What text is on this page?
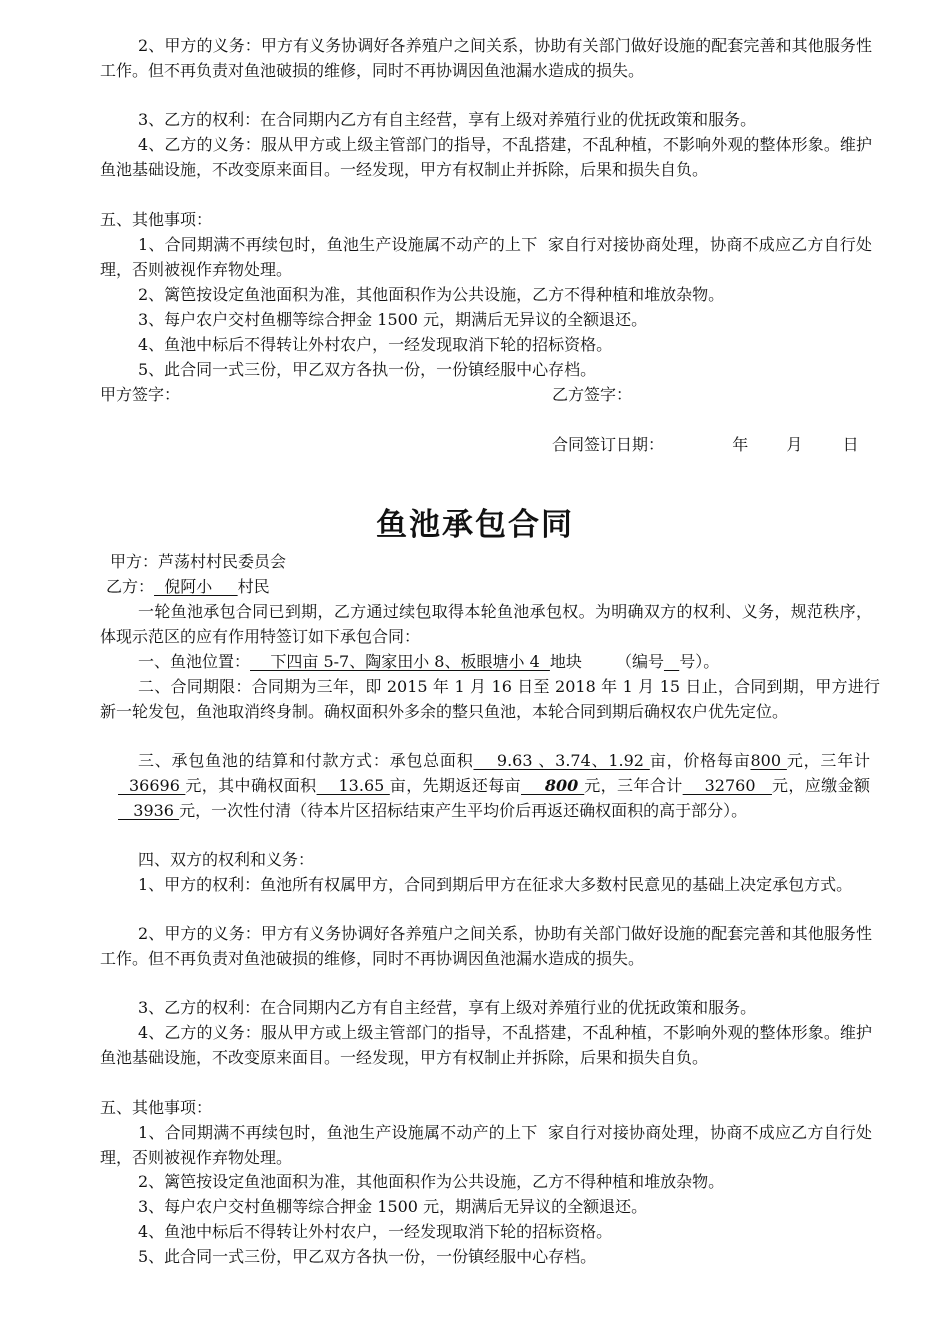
2、甲方的义务：甲方有义务协调好各养殖户之间关系，协助有关部门做好设施的配套完善和其他服务性工作。但不再负责对鱼池破损的维修，同时不再协调因鱼池漏水造成的损失。

3、乙方的权利：在合同期内乙方有自主经营，享有上级对养殖行业的优抚政策和服务。

4、乙方的义务：服从甲方或上级主管部门的指导，不乱搭建，不乱种植，不影响外观的整体形象。维护鱼池基础设施，不改变原来面目。一经发现，甲方有权制止并拆除，后果和损失自负。

五、其他事项：

1、合同期满不再续包时，鱼池生产设施属不动产的上下  家自行对接协商处理，协商不成应乙方自行处理，否则被视作弃物处理。

2、篱笆按设定鱼池面积为准，其他面积作为公共设施，乙方不得种植和堆放杂物。

3、每户农户交村鱼棚等综合押金 1500 元，期满后无异议的全额退还。

4、鱼池中标后不得转让外村农户，一经发现取消下轮的招标资格。

5、此合同一式三份，甲乙双方各执一份，一份镇经服中心存档。

甲方签字：	乙方签字：
合同签订日期：	年 月	日
鱼池承包合同

甲方：芦荡村村民委员会

乙方：  倪阿小     村民

一轮鱼池承包合同已到期，乙方通过续包取得本轮鱼池承包权。为明确双方的权利、义务，规范秩序，体现示范区的应有作用特签订如下承包合同：

一、鱼池位置：    下四亩 5-7、陶家田小 8、板眼塘小 4  地块 （编号 号）。

二、合同期限：合同期为三年，即 2015 年 1 月 16 日至 2018 年 1 月 15 日止，合同到期，甲方进行新一轮发包，鱼池取消终身制。确权面积外多余的整只鱼池，本轮合同到期后确权农户优先定位。

三、承包鱼池的结算和付款方式：承包总面积    9.63 、3.74、1.92 亩，价格每亩800 元，三年计  36696 元，其中确权面积    13.65 亩，先期返还每亩    800 元，三年合计    32760   元，应缴金额   3936 元，一次性付清（待本片区招标结束产生平均价后再返还确权面积的高于部分）。

四、双方的权利和义务：

1、甲方的权利：鱼池所有权属甲方，合同到期后甲方在征求大多数村民意见的基础上决定承包方式。

2、甲方的义务：甲方有义务协调好各养殖户之间关系，协助有关部门做好设施的配套完善和其他服务性工作。但不再负责对鱼池破损的维修，同时不再协调因鱼池漏水造成的损失。

3、乙方的权利：在合同期内乙方有自主经营，享有上级对养殖行业的优抚政策和服务。

4、乙方的义务：服从甲方或上级主管部门的指导，不乱搭建，不乱种植，不影响外观的整体形象。维护鱼池基础设施，不改变原来面目。一经发现，甲方有权制止并拆除，后果和损失自负。

五、其他事项：

1、合同期满不再续包时，鱼池生产设施属不动产的上下  家自行对接协商处理，协商不成应乙方自行处理，否则被视作弃物处理。

2、篱笆按设定鱼池面积为准，其他面积作为公共设施，乙方不得种植和堆放杂物。

3、每户农户交村鱼棚等综合押金 1500 元，期满后无异议的全额退还。

4、鱼池中标后不得转让外村农户，一经发现取消下轮的招标资格。

5、此合同一式三份，甲乙双方各执一份，一份镇经服中心存档。
